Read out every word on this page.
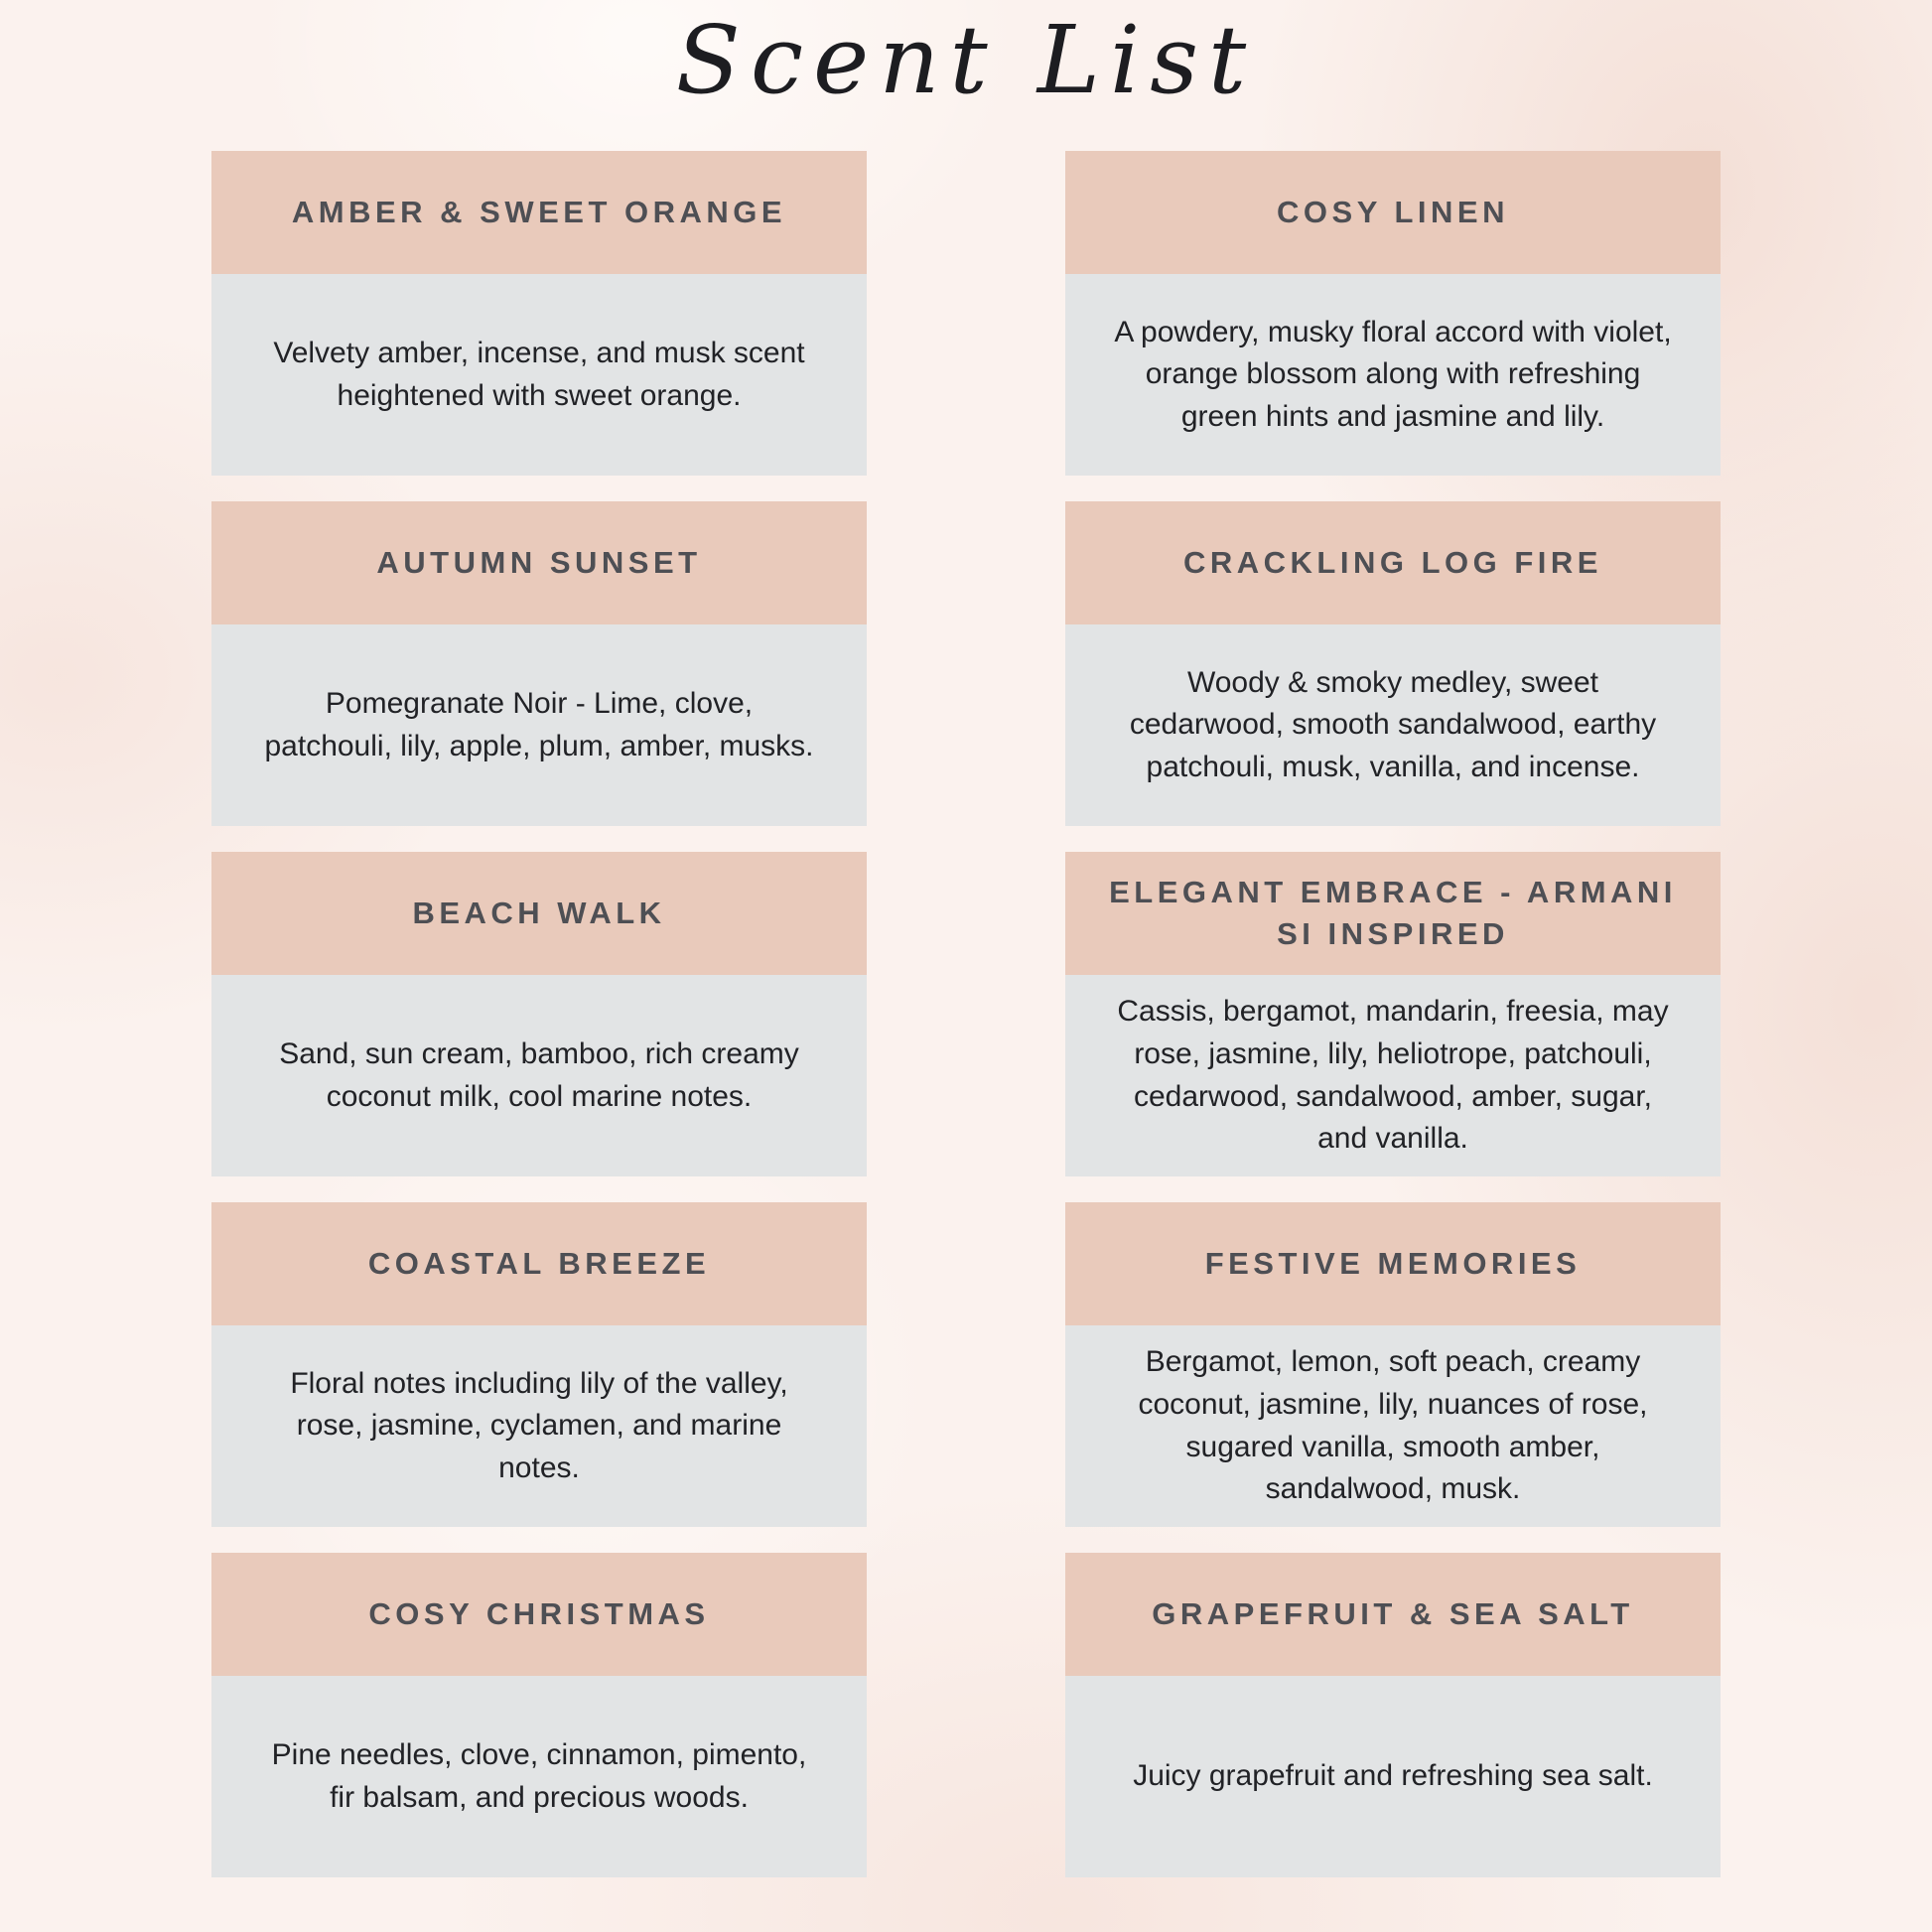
Scent List
AMBER & SWEET ORANGE
Velvety amber, incense, and musk scent heightened with sweet orange.
AUTUMN SUNSET
Pomegranate Noir - Lime, clove, patchouli, lily, apple, plum, amber, musks.
BEACH WALK
Sand, sun cream, bamboo, rich creamy coconut milk, cool marine notes.
COASTAL BREEZE
Floral notes including lily of the valley, rose, jasmine, cyclamen, and marine notes.
COSY CHRISTMAS
Pine needles, clove, cinnamon, pimento, fir balsam, and precious woods.
COSY LINEN
A powdery, musky floral accord with violet, orange blossom along with refreshing green hints and jasmine and lily.
CRACKLING LOG FIRE
Woody & smoky medley, sweet cedarwood, smooth sandalwood, earthy patchouli, musk, vanilla, and incense.
ELEGANT EMBRACE - ARMANI SI INSPIRED
Cassis, bergamot, mandarin, freesia, may rose, jasmine, lily, heliotrope, patchouli, cedarwood, sandalwood, amber, sugar, and vanilla.
FESTIVE MEMORIES
Bergamot, lemon, soft peach, creamy coconut, jasmine, lily, nuances of rose, sugared vanilla, smooth amber, sandalwood, musk.
GRAPEFRUIT & SEA SALT
Juicy grapefruit and refreshing sea salt.
